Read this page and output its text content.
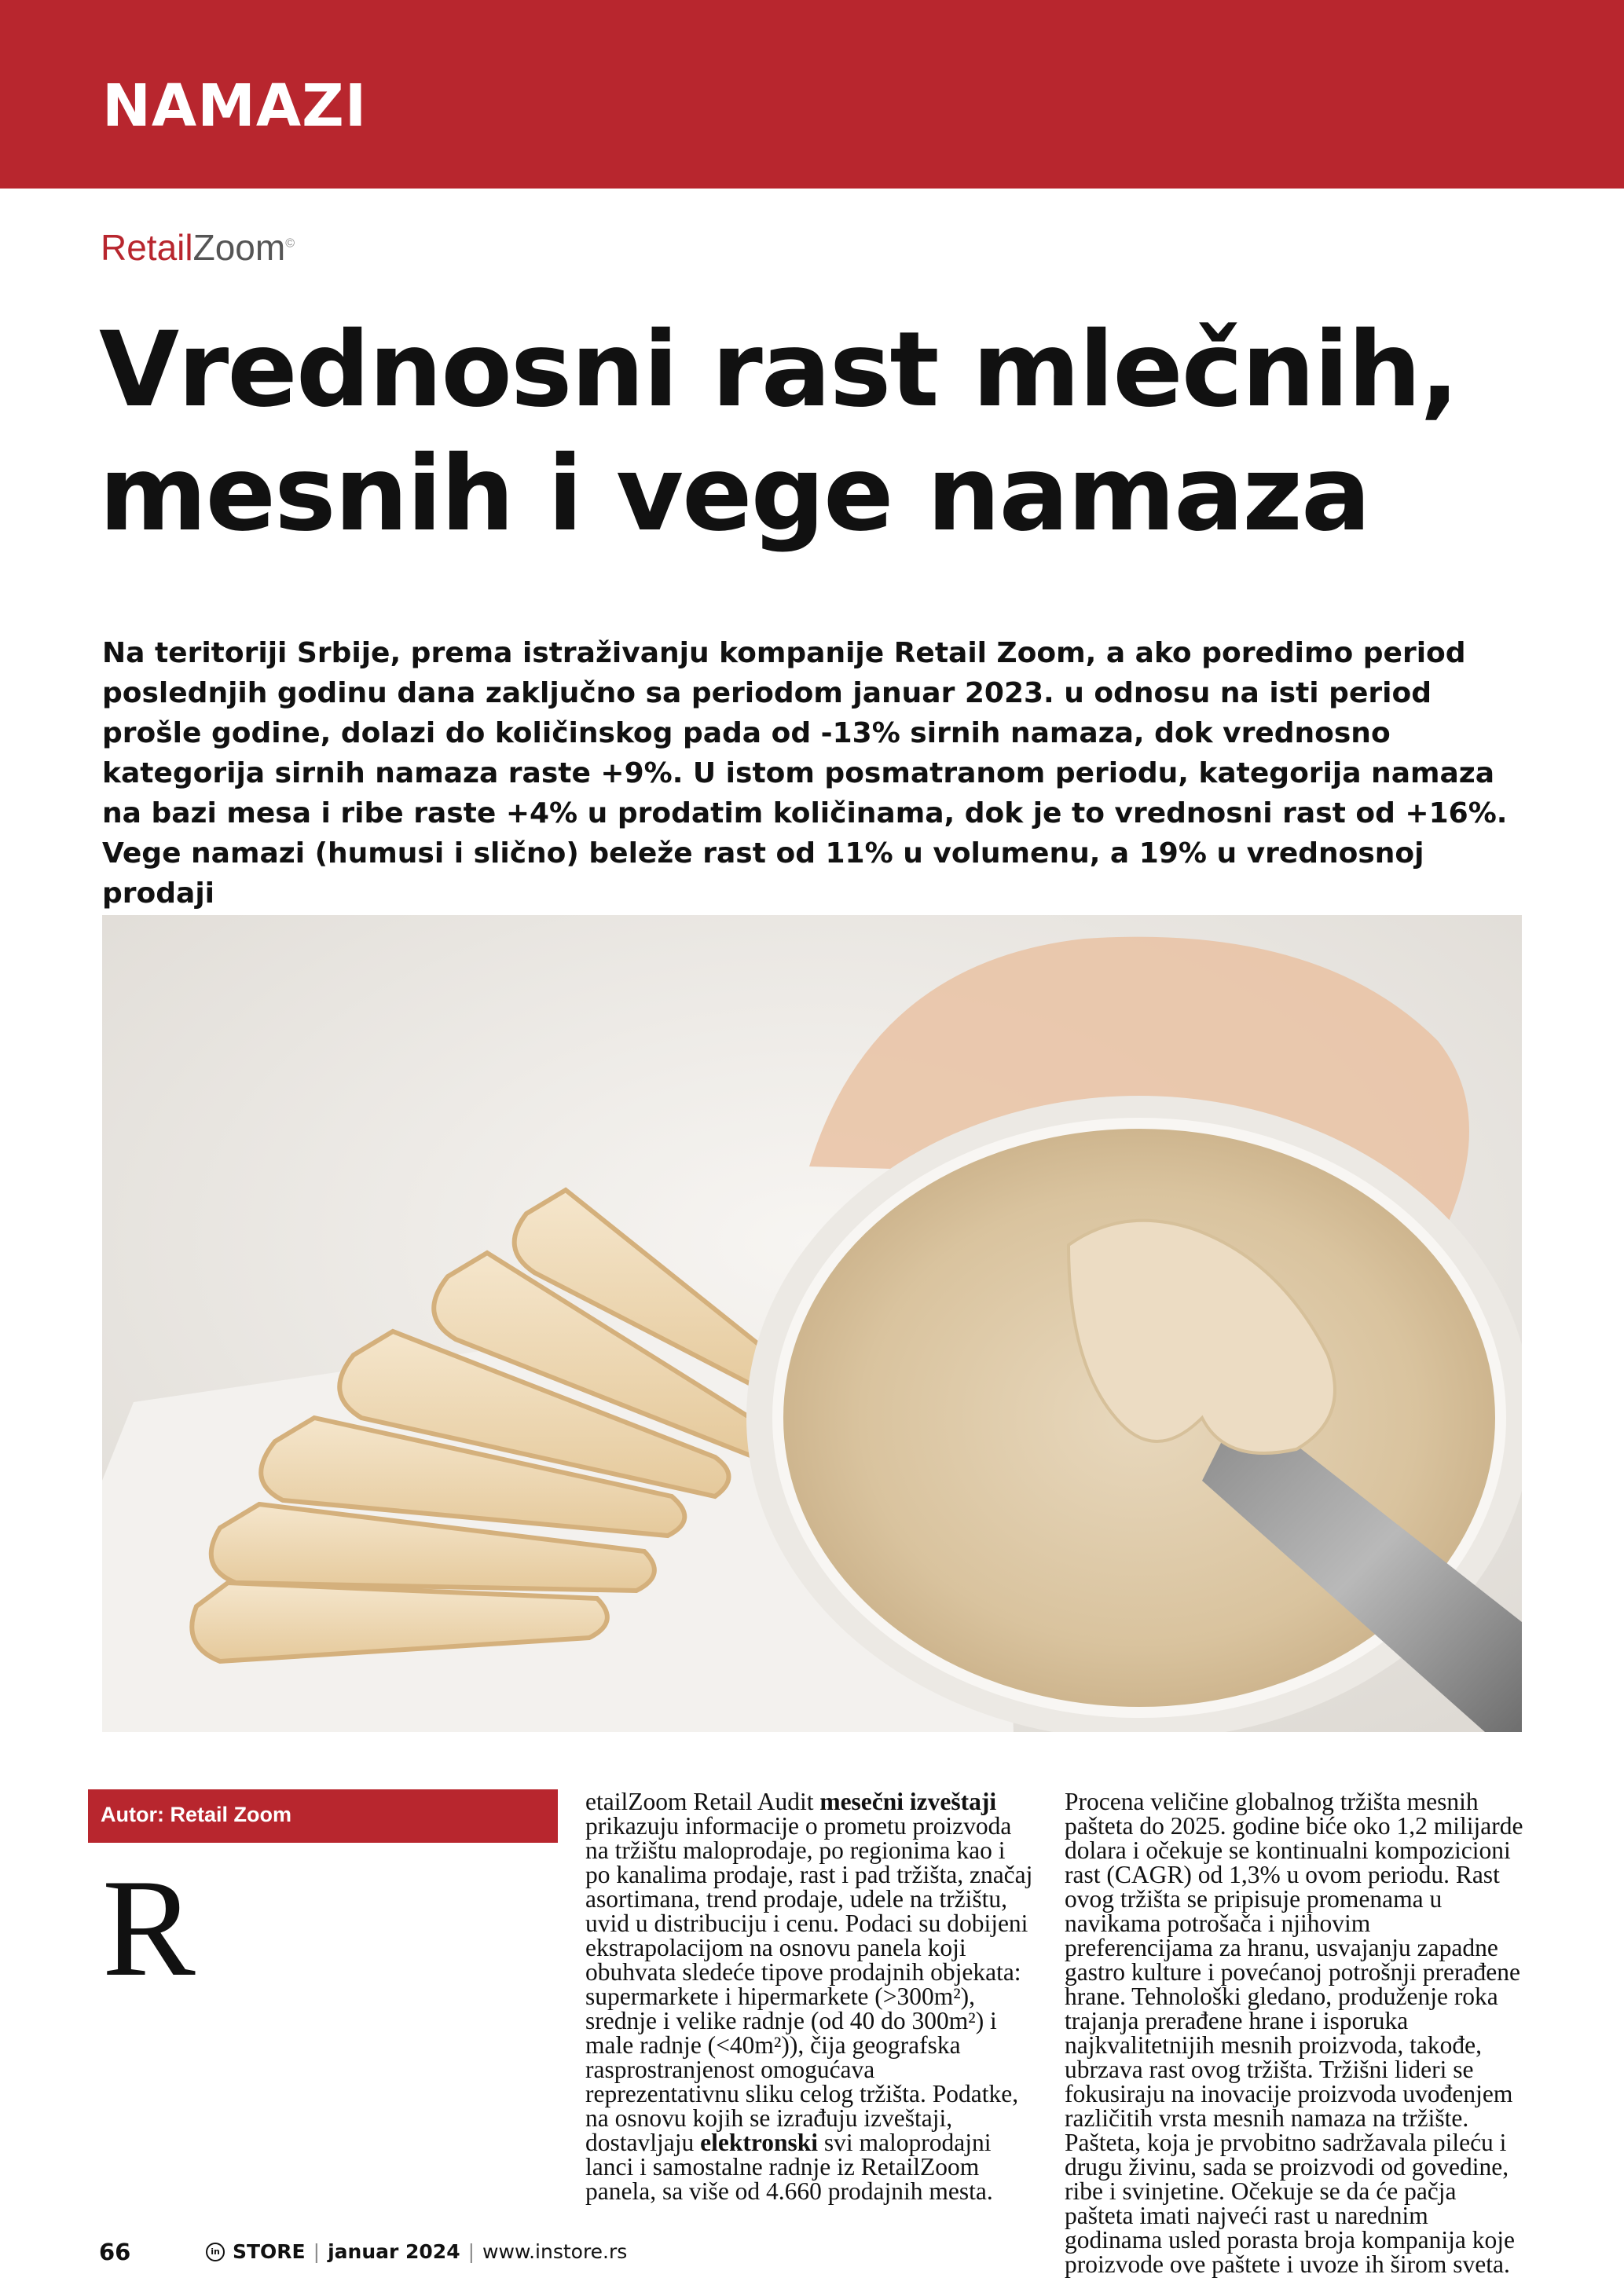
NAMAZI
RetailZoom©
Vrednosni rast mlečnih,
mesnih i vege namaza
Na teritoriji Srbije, prema istraživanju kompanije Retail Zoom, a ako poredimo period poslednjih godinu dana zaključno sa periodom januar 2023. u odnosu na isti period prošle godine, dolazi do količinskog pada od -13% sirnih namaza, dok vrednosno kategorija sirnih namaza raste +9%. U istom posmatranom periodu, kategorija namaza na bazi mesa i ribe raste +4% u prodatim količinama, dok je to vrednosni rast od +16%. Vege namazi (humusi i slično) beleže rast od 11% u volumenu, a 19% u vrednosnoj prodaji
Autor: Retail Zoom

R

66	in STORE | januar 2024 | www.instore.rs

etailZoom Retail Audit mesečni izveštaji prikazuju informacije o prometu proizvoda na tržištu maloprodaje, po regionima kao i po kanalima prodaje, rast i pad tržišta, značaj asortimana, trend prodaje, udele na tržištu, uvid u distribuciju i cenu. Podaci su dobijeni ekstrapolacijom na osnovu panela koji obuhvata sledeće tipove prodajnih objekata: supermarkete i hipermarkete (>300m²), srednje i velike radnje (od 40 do 300m²) i male radnje (<40m²)), čija geografska rasprostranjenost omogućava reprezentativnu sliku celog tržišta. Podatke, na osnovu kojih se izrađuju izveštaji, dostavljaju elektronski svi maloprodajni lanci i samostalne radnje iz RetailZoom panela, sa više od 4.660 prodajnih mesta.

Procena veličine globalnog tržišta mesnih pašteta do 2025. godine biće oko 1,2 milijarde dolara i očekuje se kontinualni kompozicioni rast (CAGR) od 1,3% u ovom periodu. Rast ovog tržišta se pripisuje promenama u navikama potrošača i njihovim preferencijama za hranu, usvajanju zapadne gastro kulture i povećanoj potrošnji prerađene hrane. Tehnološki gledano, produženje roka trajanja prerađene hrane i isporuka najkvalitetnijih mesnih proizvoda, takođe, ubrzava rast ovog tržišta. Tržišni lideri se fokusiraju na inovacije proizvoda uvođenjem različitih vrsta mesnih namaza na tržište. Pašteta, koja je prvobitno sadržavala pileću i drugu živinu, sada se proizvodi od govedine, ribe i svinjetine. Očekuje se da će pačja pašteta imati najveći rast u narednim godinama usled porasta broja kompanija koje proizvode ove paštete i uvoze ih širom sveta.
